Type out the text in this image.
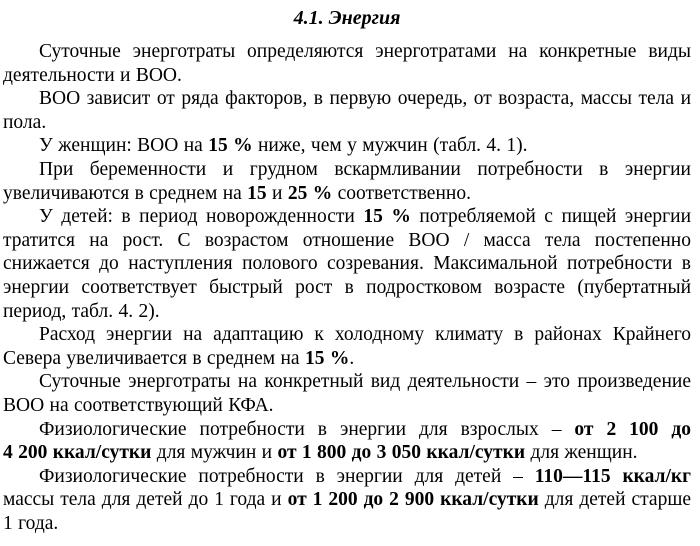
4.1. Энергия

Суточные энерготраты определяются энерготратами на конкретные виды деятельности и ВОО.

ВОО зависит от ряда факторов, в первую очередь, от возраста, массы тела и пола.

У женщин: ВОО на 15 % ниже, чем у мужчин (табл. 4. 1).

При беременности и грудном вскармливании потребности в энергии увеличиваются в среднем на 15 и 25 % соответственно.

У детей: в период новорожденности 15 % потребляемой с пищей энергии тратится на рост. С возрастом отношение ВОО / масса тела постепенно снижается до наступления полового созревания. Максимальной потребности в энергии соответствует быстрый рост в подростковом возрасте (пубертатный период, табл. 4. 2).

Расход энергии на адаптацию к холодному климату в районах Крайнего Севера увеличивается в среднем на 15 %.

Суточные энерготраты на конкретный вид деятельности – это произведение ВОО на соответствующий КФА.

Физиологические потребности в энергии для взрослых – от 2 100 до 4 200 ккал/сутки для мужчин и от 1 800 до 3 050 ккал/сутки для женщин.

Физиологические потребности в энергии для детей – 110—115 ккал/кг массы тела для детей до 1 года и от 1 200 до 2 900 ккал/сутки для детей старше 1 года.
